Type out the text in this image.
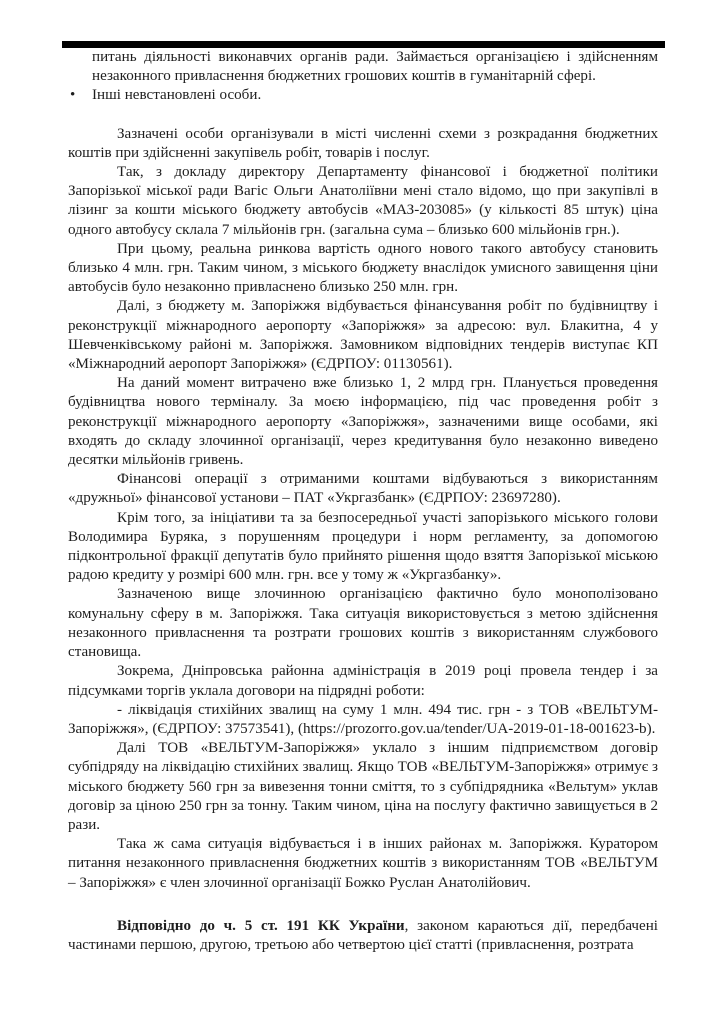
питань діяльності виконавчих органів ради. Займається організацією і здійсненням незаконного привласнення бюджетних грошових коштів в гуманітарній сфері.

• Інші невстановлені особи.

Зазначені особи організували в місті численні схеми з розкрадання бюджетних коштів при здійсненні закупівель робіт, товарів і послуг.

Так, з докладу директору Департаменту фінансової і бюджетної політики Запорізької міської ради Вагіс Ольги Анатоліївни мені стало відомо, що при закупівлі в лізинг за кошти міського бюджету автобусів «МАЗ-203085» (у кількості 85 штук) ціна одного автобусу склала 7 мільйонів грн. (загальна сума – близько 600 мільйонів грн.).

При цьому, реальна ринкова вартість одного нового такого автобусу становить близько 4 млн. грн. Таким чином, з міського бюджету внаслідок умисного завищення ціни автобусів було незаконно привласнено близько 250 млн. грн.

Далі, з бюджету м. Запоріжжя відбувається фінансування робіт по будівництву і реконструкції міжнародного аеропорту «Запоріжжя» за адресою: вул. Блакитна, 4 у Шевченківському районі м. Запоріжжя. Замовником відповідних тендерів виступає КП «Міжнародний аеропорт Запоріжжя» (ЄДРПОУ: 01130561).

На даний момент витрачено вже близько 1, 2 млрд грн. Планується проведення будівництва нового терміналу. За моєю інформацією, під час проведення робіт з реконструкції міжнародного аеропорту «Запоріжжя», зазначеними вище особами, які входять до складу злочинної організації, через кредитування було незаконно виведено десятки мільйонів гривень.

Фінансові операції з отриманими коштами відбуваються з використанням «дружньої» фінансової установи – ПАТ «Укргазбанк» (ЄДРПОУ: 23697280).

Крім того, за ініціативи та за безпосередньої участі запорізького міського голови Володимира Буряка, з порушенням процедури і норм регламенту, за допомогою підконтрольної фракції депутатів було прийнято рішення щодо взяття Запорізької міською радою кредиту у розмірі 600 млн. грн. все у тому ж «Укргазбанку».

Зазначеною вище злочинною організацією фактично було монополізовано комунальну сферу в м. Запоріжжя. Така ситуація використовується з метою здійснення незаконного привласнення та розтрати грошових коштів з використанням службового становища.

Зокрема, Дніпровська районна адміністрація в 2019 році провела тендер і за підсумками торгів уклала договори на підрядні роботи:

- ліквідація стихійних звалищ на суму 1 млн. 494 тис. грн - з ТОВ «ВЕЛЬТУМ-Запоріжжя», (ЄДРПОУ: 37573541), (https://prozorro.gov.ua/tender/UA-2019-01-18-001623-b).

Далі ТОВ «ВЕЛЬТУМ-Запоріжжя» уклало з іншим підприємством договір субпідряду на ліквідацію стихійних звалищ. Якщо ТОВ «ВЕЛЬТУМ-Запоріжжя» отримує з міського бюджету 560 грн за вивезення тонни сміття, то з субпідрядника «Вельтум» уклав договір за ціною 250 грн за тонну. Таким чином, ціна на послугу фактично завищується в 2 рази.

Така ж сама ситуація відбувається і в інших районах м. Запоріжжя. Куратором питання незаконного привласнення бюджетних коштів з використанням ТОВ «ВЕЛЬТУМ – Запоріжжя» є член злочинної організації Божко Руслан Анатолійович.

Відповідно до ч. 5 ст. 191 КК України, законом караються дії, передбачені частинами першою, другою, третьою або четвертою цієї статті (привласнення, розтрата
